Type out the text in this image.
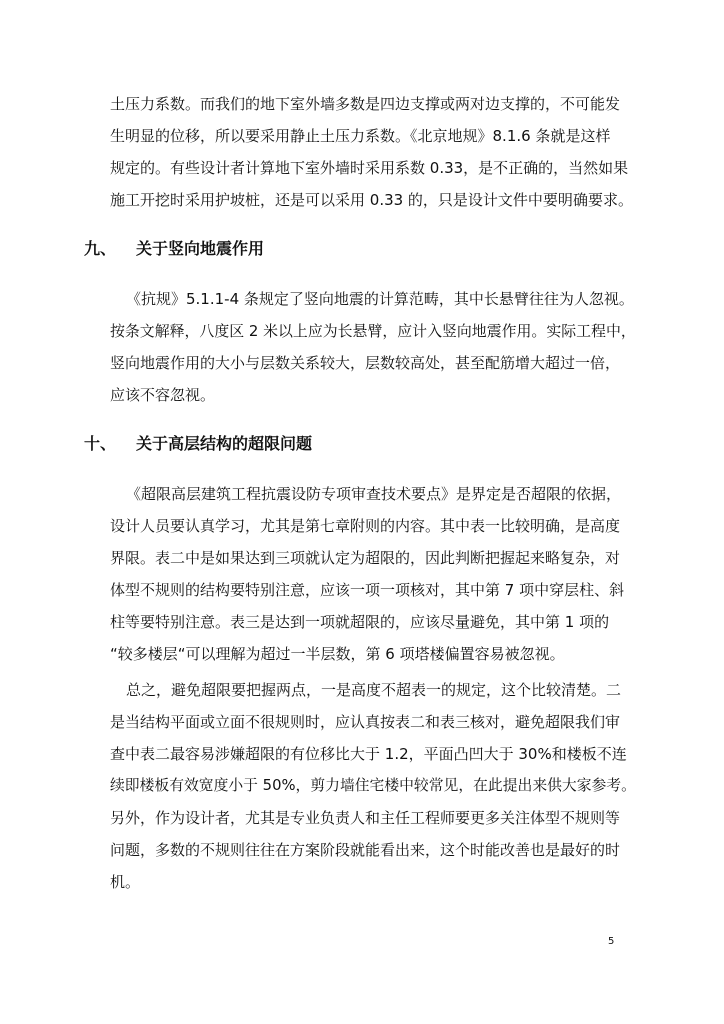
土压力系数。而我们的地下室外墙多数是四边支撑或两对边支撑的，不可能发
生明显的位移，所以要采用静止土压力系数。《北京地规》8.1.6 条就是这样
规定的。有些设计者计算地下室外墙时采用系数 0.33，是不正确的，当然如果
施工开挖时采用护坡桩，还是可以采用 0.33 的，只是设计文件中要明确要求。
九、 关于竖向地震作用
《抗规》5.1.1-4 条规定了竖向地震的计算范畴，其中长悬臂往往为人忽视。
按条文解释，八度区 2 米以上应为长悬臂，应计入竖向地震作用。实际工程中，
竖向地震作用的大小与层数关系较大，层数较高处，甚至配筋增大超过一倍，
应该不容忽视。
十、 关于高层结构的超限问题
《超限高层建筑工程抗震设防专项审查技术要点》是界定是否超限的依据，
设计人员要认真学习，尤其是第七章附则的内容。其中表一比较明确，是高度
界限。表二中是如果达到三项就认定为超限的，因此判断把握起来略复杂，对
体型不规则的结构要特别注意，应该一项一项核对，其中第 7 项中穿层柱、斜
柱等要特别注意。表三是达到一项就超限的，应该尽量避免，其中第 1 项的
“较多楼层“可以理解为超过一半层数，第 6 项塔楼偏置容易被忽视。
总之，避免超限要把握两点，一是高度不超表一的规定，这个比较清楚。二
是当结构平面或立面不很规则时，应认真按表二和表三核对，避免超限我们审
查中表二最容易涉嫌超限的有位移比大于 1.2，平面凸凹大于 30%和楼板不连
续即楼板有效宽度小于 50%，剪力墙住宅楼中较常见，在此提出来供大家参考。
另外，作为设计者，尤其是专业负责人和主任工程师要更多关注体型不规则等
问题，多数的不规则往往在方案阶段就能看出来，这个时能改善也是最好的时
机。
5
